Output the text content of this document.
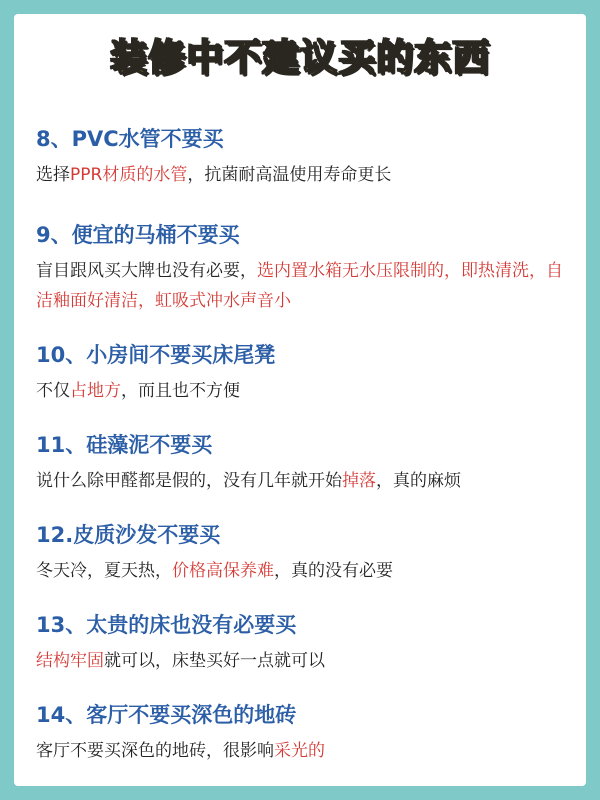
装修中不建议买的东西
8、PVC水管不要买
选择PPR材质的水管，抗菌耐高温使用寿命更长
9、便宜的马桶不要买
盲目跟风买大牌也没有必要，选内置水箱无水压限制的，即热清洗，自洁釉面好清洁，虹吸式冲水声音小
10、小房间不要买床尾凳
不仅占地方，而且也不方便
11、硅藻泥不要买
说什么除甲醛都是假的，没有几年就开始掉落，真的麻烦
12.皮质沙发不要买
冬天冷，夏天热，价格高保养难，真的没有必要
13、太贵的床也没有必要买
结构牢固就可以，床垫买好一点就可以
14、客厅不要买深色的地砖
客厅不要买深色的地砖，很影响采光的
